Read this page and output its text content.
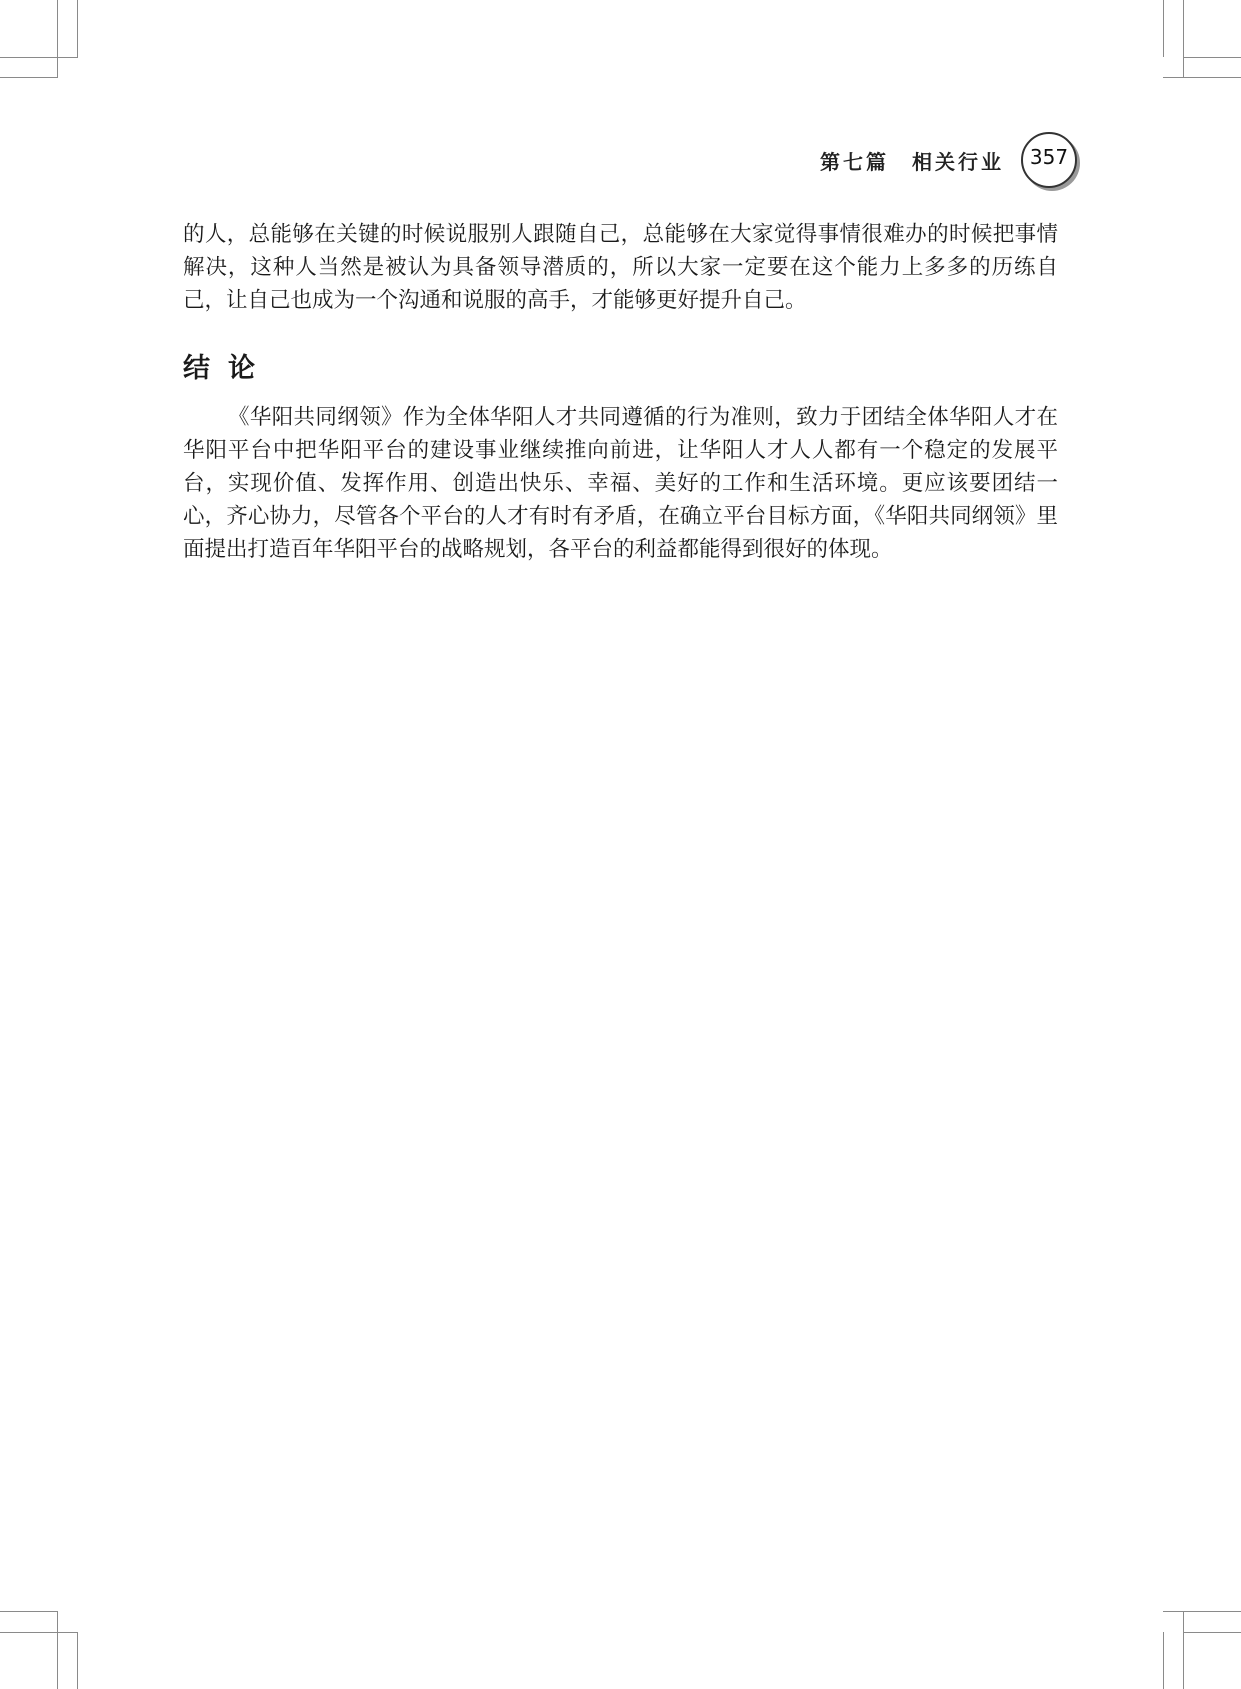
第七篇　相关行业	357

的人，总能够在关键的时候说服别人跟随自己，总能够在大家觉得事情很难办的时候把事情解决，这种人当然是被认为具备领导潜质的，所以大家一定要在这个能力上多多的历练自己，让自己也成为一个沟通和说服的高手，才能够更好提升自己。

结论

《华阳共同纲领》作为全体华阳人才共同遵循的行为准则，致力于团结全体华阳人才在华阳平台中把华阳平台的建设事业继续推向前进，让华阳人才人人都有一个稳定的发展平台，实现价值、发挥作用、创造出快乐、幸福、美好的工作和生活环境。更应该要团结一心，齐心协力，尽管各个平台的人才有时有矛盾，在确立平台目标方面，《华阳共同纲领》里面提出打造百年华阳平台的战略规划，各平台的利益都能得到很好的体现。
